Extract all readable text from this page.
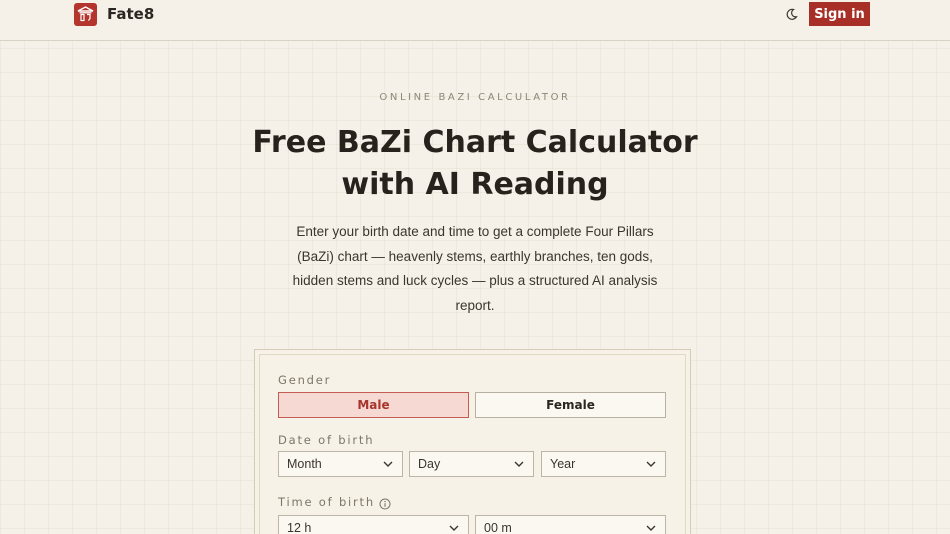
Fate8	Sign in
ONLINE BAZI CALCULATOR
Free BaZi Chart Calculator
with AI Reading
Enter your birth date and time to get a complete Four Pillars (BaZi) chart — heavenly stems, earthly branches, ten gods, hidden stems and luck cycles — plus a structured AI analysis report.
Gender
Male	Female
Date of birth
Month	Day	Year
Time of birth
12 h	00 m
